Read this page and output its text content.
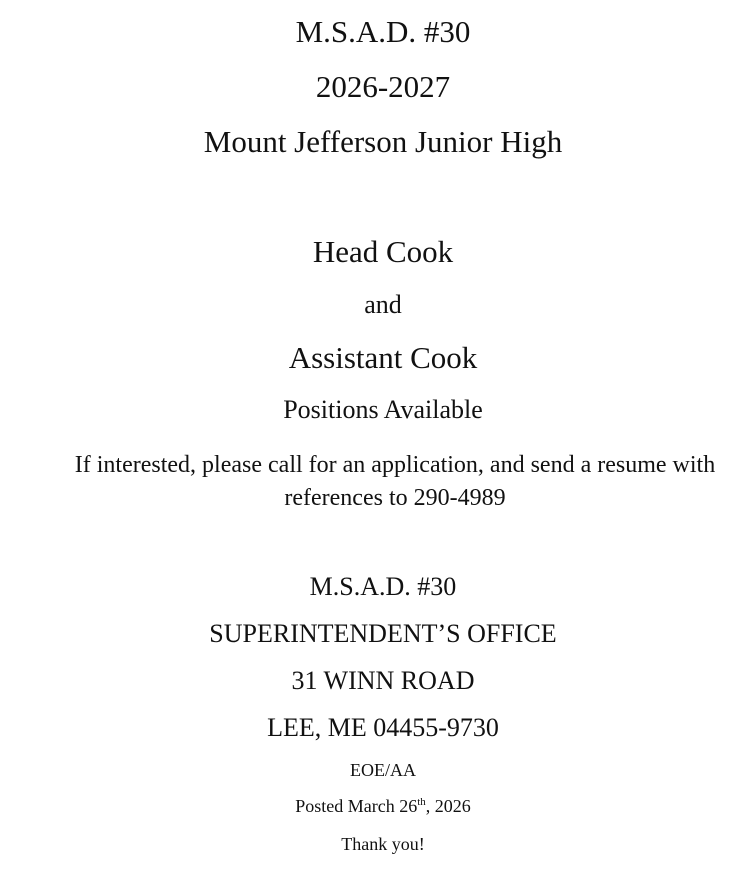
M.S.A.D. #30

2026-2027

Mount Jefferson Junior High

Head Cook

and

Assistant Cook

Positions Available

If interested, please call for an application, and send a resume with
references to 290-4989

M.S.A.D. #30

SUPERINTENDENT’S OFFICE

31 WINN ROAD

LEE, ME 04455-9730

EOE/AA

Posted March 26th, 2026

Thank you!
